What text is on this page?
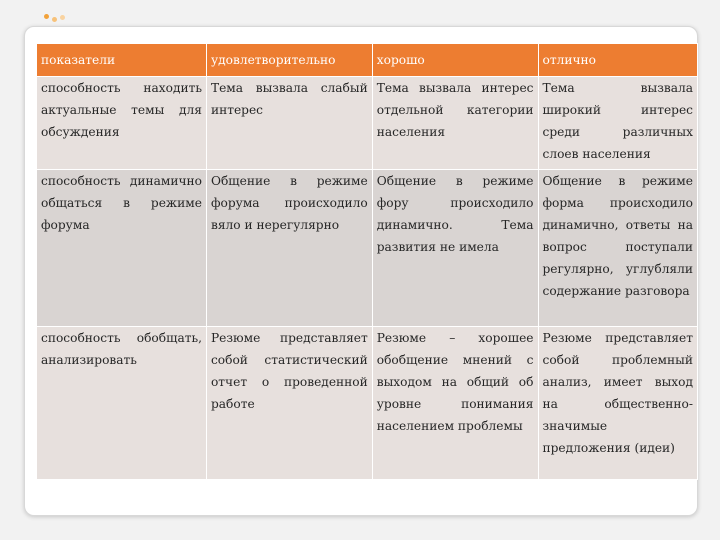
показатели	удовлетворительно	хорошо	отлично
способность находить актуальные темы для обсуждения	Тема вызвала слабый интерес	Тема вызвала интерес отдельной категории населения	Тема вызвала широкий интерес среди различных слоев населения
способность динамично общаться в режиме форума	Общение в режиме форума происходило вяло и нерегулярно	Общение в режиме фору происходило динамично. Тема развития не имела	Общение в режиме форма происходило динамично, ответы на вопрос поступали регулярно, углубляли содержание разговора
способность обобщать, анализировать	Резюме представляет собой статистический отчет о проведенной работе	Резюме – хорошее обобщение мнений с выходом на общий об уровне понимания населением проблемы	Резюме представляет собой проблемный анализ, имеет выход на общественно-значимые предложения (идеи)
